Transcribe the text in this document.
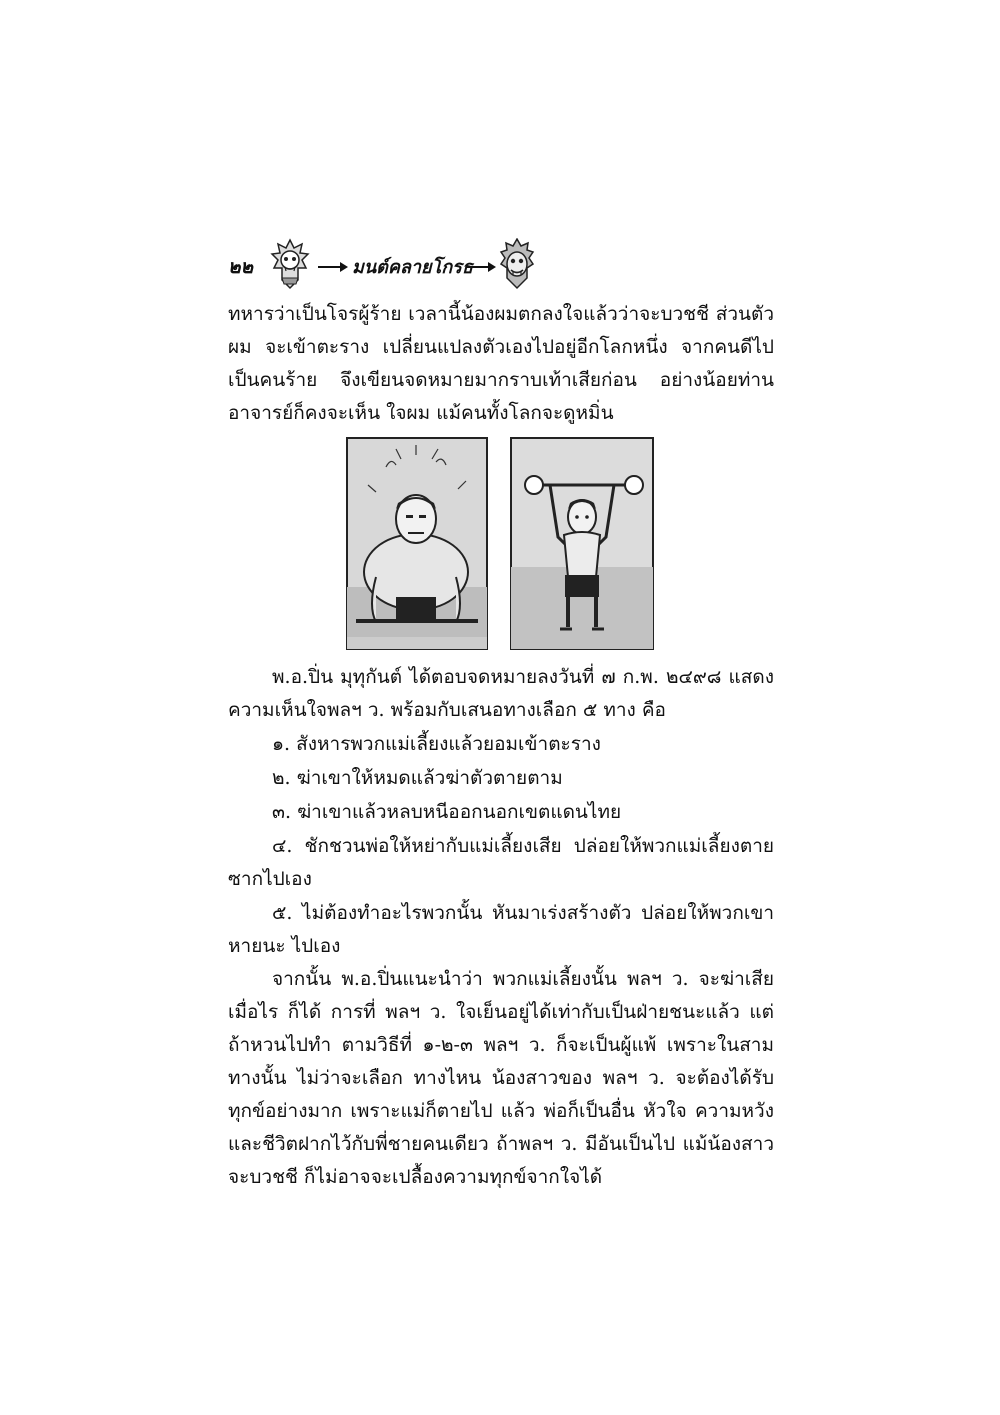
๒๒	มนต์คลายโกรธ

ทหารว่าเป็นโจรผู้ร้าย เวลานี้น้องผมตกลงใจแล้วว่าจะบวชชี ส่วนตัวผม จะเข้าตะราง เปลี่ยนแปลงตัวเองไปอยู่อีกโลกหนึ่ง จากคนดีไปเป็นคนร้าย จึงเขียนจดหมายมากราบเท้าเสียก่อน อย่างน้อยท่านอาจารย์ก็คงจะเห็น ใจผม แม้คนทั้งโลกจะดูหมิ่น

พ.อ.ปิ่น มุทุกันต์ ได้ตอบจดหมายลงวันที่ ๗ ก.พ. ๒๔๙๘ แสดง ความเห็นใจพลฯ ว. พร้อมกับเสนอทางเลือก ๕ ทาง คือ

๑. สังหารพวกแม่เลี้ยงแล้วยอมเข้าตะราง

๒. ฆ่าเขาให้หมดแล้วฆ่าตัวตายตาม

๓. ฆ่าเขาแล้วหลบหนีออกนอกเขตแดนไทย

๔. ชักชวนพ่อให้หย่ากับแม่เลี้ยงเสีย ปล่อยให้พวกแม่เลี้ยงตาย ซากไปเอง

๕. ไม่ต้องทำอะไรพวกนั้น หันมาเร่งสร้างตัว ปล่อยให้พวกเขาหายนะ ไปเอง

จากนั้น พ.อ.ปิ่นแนะนำว่า พวกแม่เลี้ยงนั้น พลฯ ว. จะฆ่าเสียเมื่อไร ก็ได้ การที่ พลฯ ว. ใจเย็นอยู่ได้เท่ากับเป็นฝ่ายชนะแล้ว แต่ถ้าหวนไปทำ ตามวิธีที่ ๑-๒-๓ พลฯ ว. ก็จะเป็นผู้แพ้ เพราะในสามทางนั้น ไม่ว่าจะเลือก ทางไหน น้องสาวของ พลฯ ว. จะต้องได้รับทุกข์อย่างมาก เพราะแม่ก็ตายไป แล้ว พ่อก็เป็นอื่น หัวใจ ความหวังและชีวิตฝากไว้กับพี่ชายคนเดียว ถ้าพลฯ ว. มีอันเป็นไป แม้น้องสาวจะบวชชี ก็ไม่อาจจะเปลื้องความทุกข์จากใจได้
